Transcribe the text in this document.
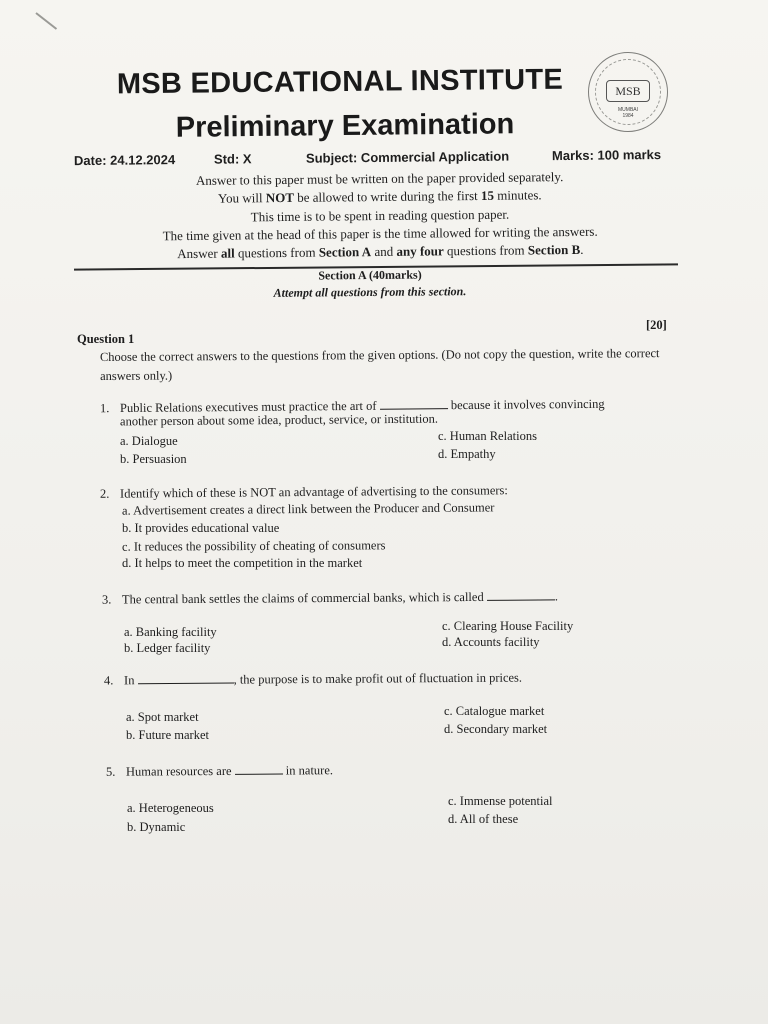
MSB EDUCATIONAL INSTITUTE
Preliminary Examination
MSB
MUMBAI
1984
Date: 24.12.2024	Std: X	Subject: Commercial Application	Marks: 100 marks
Answer to this paper must be written on the paper provided separately.
You will NOT be allowed to write during the first 15 minutes.
This time is to be spent in reading question paper.
The time given at the head of this paper is the time allowed for writing the answers.
Answer all questions from Section A and any four questions from Section B.
Section A (40marks)
Attempt all questions from this section.
Question 1
[20]
Choose the correct answers to the questions from the given options. (Do not copy the question, write the correct answers only.)
1. Public Relations executives must practice the art of	because it involves convincing
another person about some idea, product, service, or institution.
a. Dialogue
b. Persuasion
c. Human Relations
d. Empathy
2. Identify which of these is NOT an advantage of advertising to the consumers:
a. Advertisement creates a direct link between the Producer and Consumer
b. It provides educational value
c. It reduces the possibility of cheating of consumers
d. It helps to meet the competition in the market
3. The central bank settles the claims of commercial banks, which is called	.
a. Banking facility
b. Ledger facility
c. Clearing House Facility
d. Accounts facility
4. In	, the purpose is to make profit out of fluctuation in prices.
a. Spot market
b. Future market
c. Catalogue market
d. Secondary market
5. Human resources are	in nature.
a. Heterogeneous
b. Dynamic
c. Immense potential
d. All of these
